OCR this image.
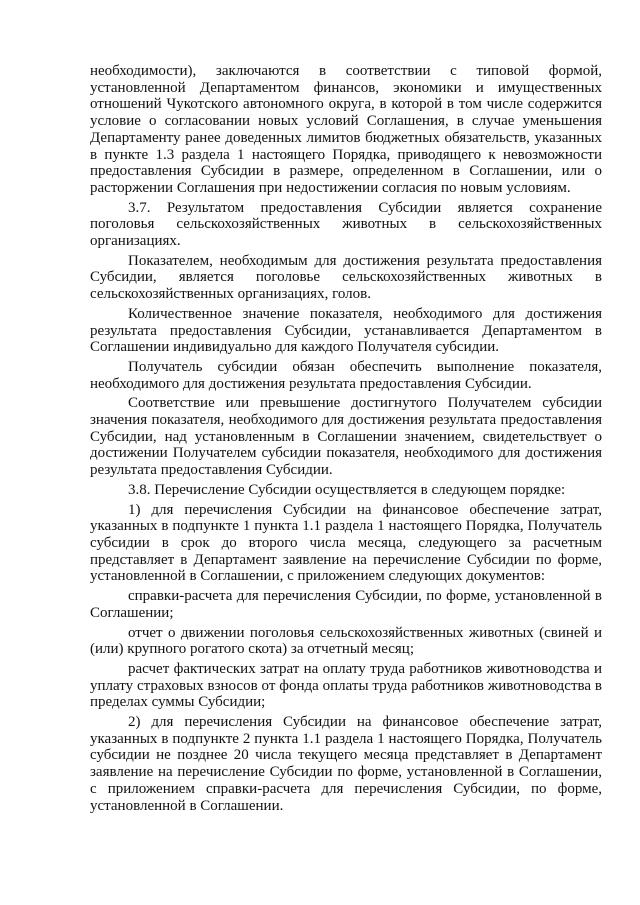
необходимости), заключаются в соответствии с типовой формой, установленной Департаментом финансов, экономики и имущественных отношений Чукотского автономного округа, в которой в том числе содержится условие о согласовании новых условий Соглашения, в случае уменьшения Департаменту ранее доведенных лимитов бюджетных обязательств, указанных в пункте 1.3 раздела 1 настоящего Порядка, приводящего к невозможности предоставления Субсидии в размере, определенном в Соглашении, или о расторжении Соглашения при недостижении согласия по новым условиям.

3.7. Результатом предоставления Субсидии является сохранение поголовья сельскохозяйственных животных в сельскохозяйственных организациях.

Показателем, необходимым для достижения результата предоставления Субсидии, является поголовье сельскохозяйственных животных в сельскохозяйственных организациях, голов.

Количественное значение показателя, необходимого для достижения результата предоставления Субсидии, устанавливается Департаментом в Соглашении индивидуально для каждого Получателя субсидии.

Получатель субсидии обязан обеспечить выполнение показателя, необходимого для достижения результата предоставления Субсидии.

Соответствие или превышение достигнутого Получателем субсидии значения показателя, необходимого для достижения результата предоставления Субсидии, над установленным в Соглашении значением, свидетельствует о достижении Получателем субсидии показателя, необходимого для достижения результата предоставления Субсидии.

3.8. Перечисление Субсидии осуществляется в следующем порядке:

1) для перечисления Субсидии на финансовое обеспечение затрат, указанных в подпункте 1 пункта 1.1 раздела 1 настоящего Порядка, Получатель субсидии в срок до второго числа месяца, следующего за расчетным представляет в Департамент заявление на перечисление Субсидии по форме, установленной в Соглашении, с приложением следующих документов:

справки-расчета для перечисления Субсидии, по форме, установленной в Соглашении;

отчет о движении поголовья сельскохозяйственных животных (свиней и (или) крупного рогатого скота) за отчетный месяц;

расчет фактических затрат на оплату труда работников животноводства и уплату страховых взносов от фонда оплаты труда работников животноводства в пределах суммы Субсидии;

2) для перечисления Субсидии на финансовое обеспечение затрат, указанных в подпункте 2 пункта 1.1 раздела 1 настоящего Порядка, Получатель субсидии не позднее 20 числа текущего месяца представляет в Департамент заявление на перечисление Субсидии по форме, установленной в Соглашении, с приложением справки-расчета для перечисления Субсидии, по форме, установленной в Соглашении.
